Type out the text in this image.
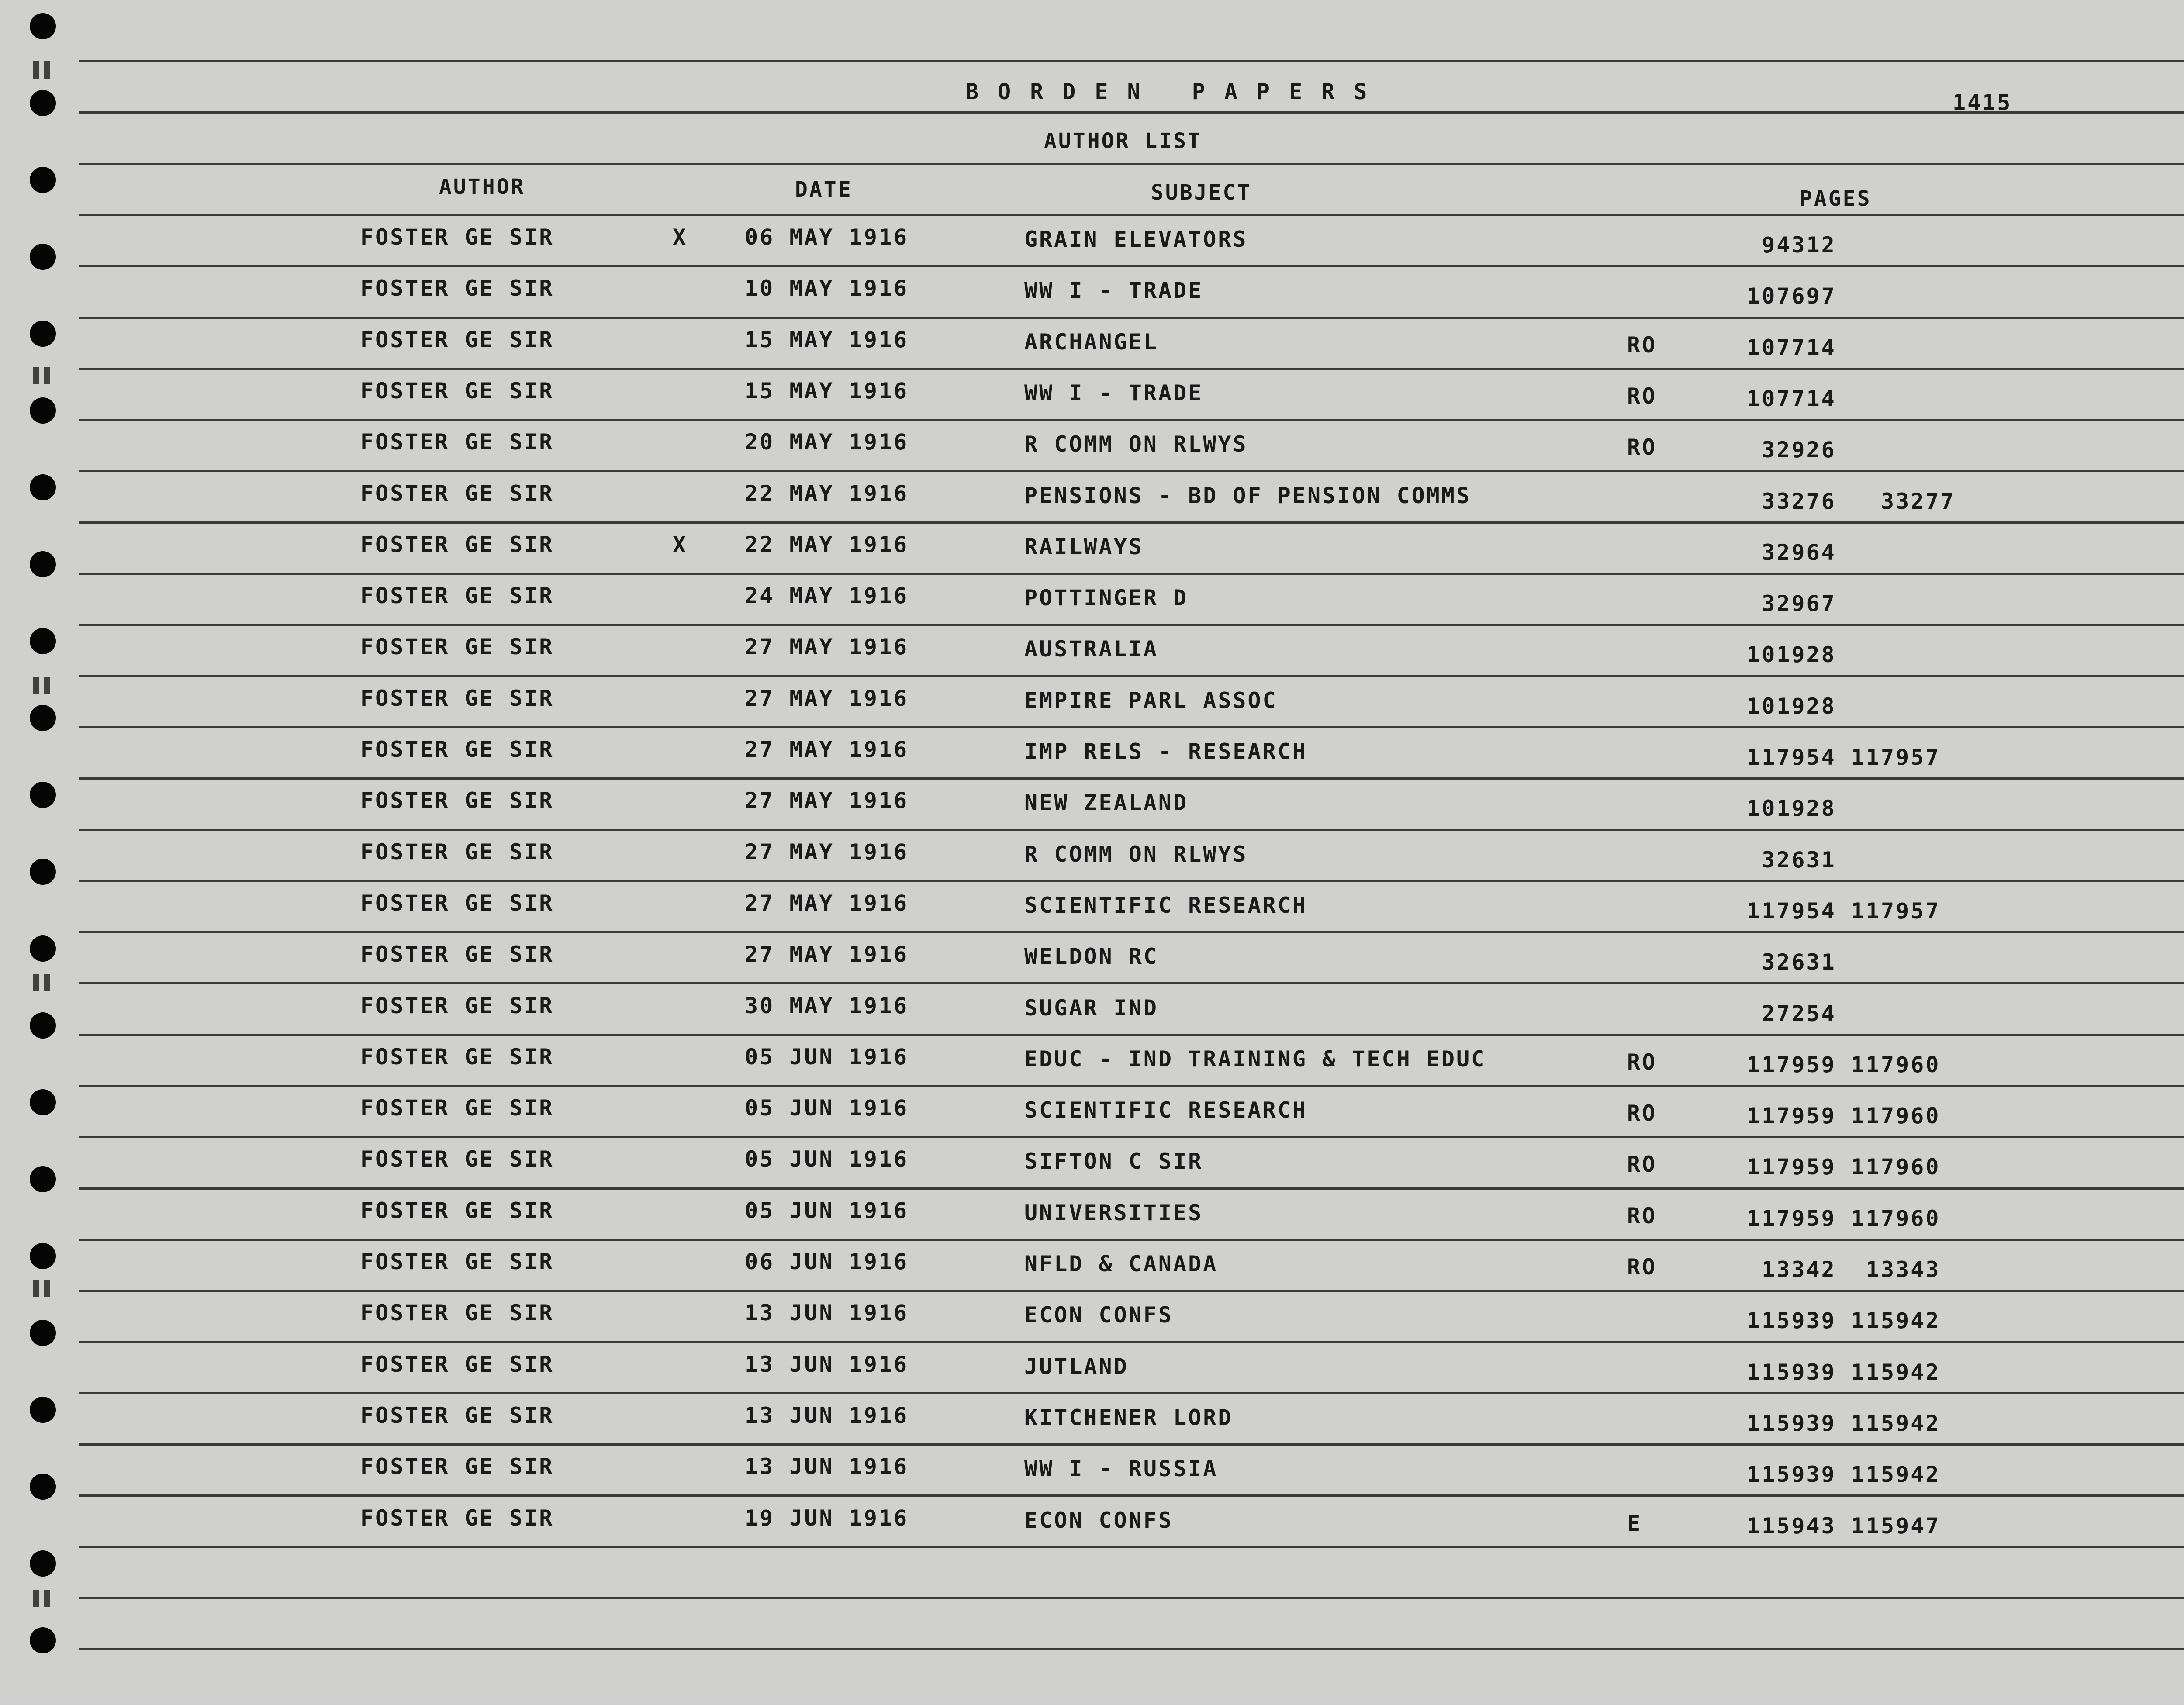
BORDEN PAPERS	1415
AUTHOR LIST
AUTHOR	DATE	SUBJECT	PAGES
FOSTER GE SIR	X	06 MAY 1916	GRAIN ELEVATORS	94312
FOSTER GE SIR	10 MAY 1916	WW I - TRADE	107697
FOSTER GE SIR	15 MAY 1916	ARCHANGEL	RO	107714
FOSTER GE SIR	15 MAY 1916	WW I - TRADE	RO	107714
FOSTER GE SIR	20 MAY 1916	R COMM ON RLWYS	RO	32926
FOSTER GE SIR	22 MAY 1916	PENSIONS - BD OF PENSION COMMS	33276   33277
FOSTER GE SIR	X	22 MAY 1916	RAILWAYS	32964
FOSTER GE SIR	24 MAY 1916	POTTINGER D	32967
FOSTER GE SIR	27 MAY 1916	AUSTRALIA	101928
FOSTER GE SIR	27 MAY 1916	EMPIRE PARL ASSOC	101928
FOSTER GE SIR	27 MAY 1916	IMP RELS - RESEARCH	117954 117957
FOSTER GE SIR	27 MAY 1916	NEW ZEALAND	101928
FOSTER GE SIR	27 MAY 1916	R COMM ON RLWYS	32631
FOSTER GE SIR	27 MAY 1916	SCIENTIFIC RESEARCH	117954 117957
FOSTER GE SIR	27 MAY 1916	WELDON RC	32631
FOSTER GE SIR	30 MAY 1916	SUGAR IND	27254
FOSTER GE SIR	05 JUN 1916	EDUC - IND TRAINING & TECH EDUC	RO	117959 117960
FOSTER GE SIR	05 JUN 1916	SCIENTIFIC RESEARCH	RO	117959 117960
FOSTER GE SIR	05 JUN 1916	SIFTON C SIR	RO	117959 117960
FOSTER GE SIR	05 JUN 1916	UNIVERSITIES	RO	117959 117960
FOSTER GE SIR	06 JUN 1916	NFLD & CANADA	RO	13342  13343
FOSTER GE SIR	13 JUN 1916	ECON CONFS	115939 115942
FOSTER GE SIR	13 JUN 1916	JUTLAND	115939 115942
FOSTER GE SIR	13 JUN 1916	KITCHENER LORD	115939 115942
FOSTER GE SIR	13 JUN 1916	WW I - RUSSIA	115939 115942
FOSTER GE SIR	19 JUN 1916	ECON CONFS	E	115943 115947
